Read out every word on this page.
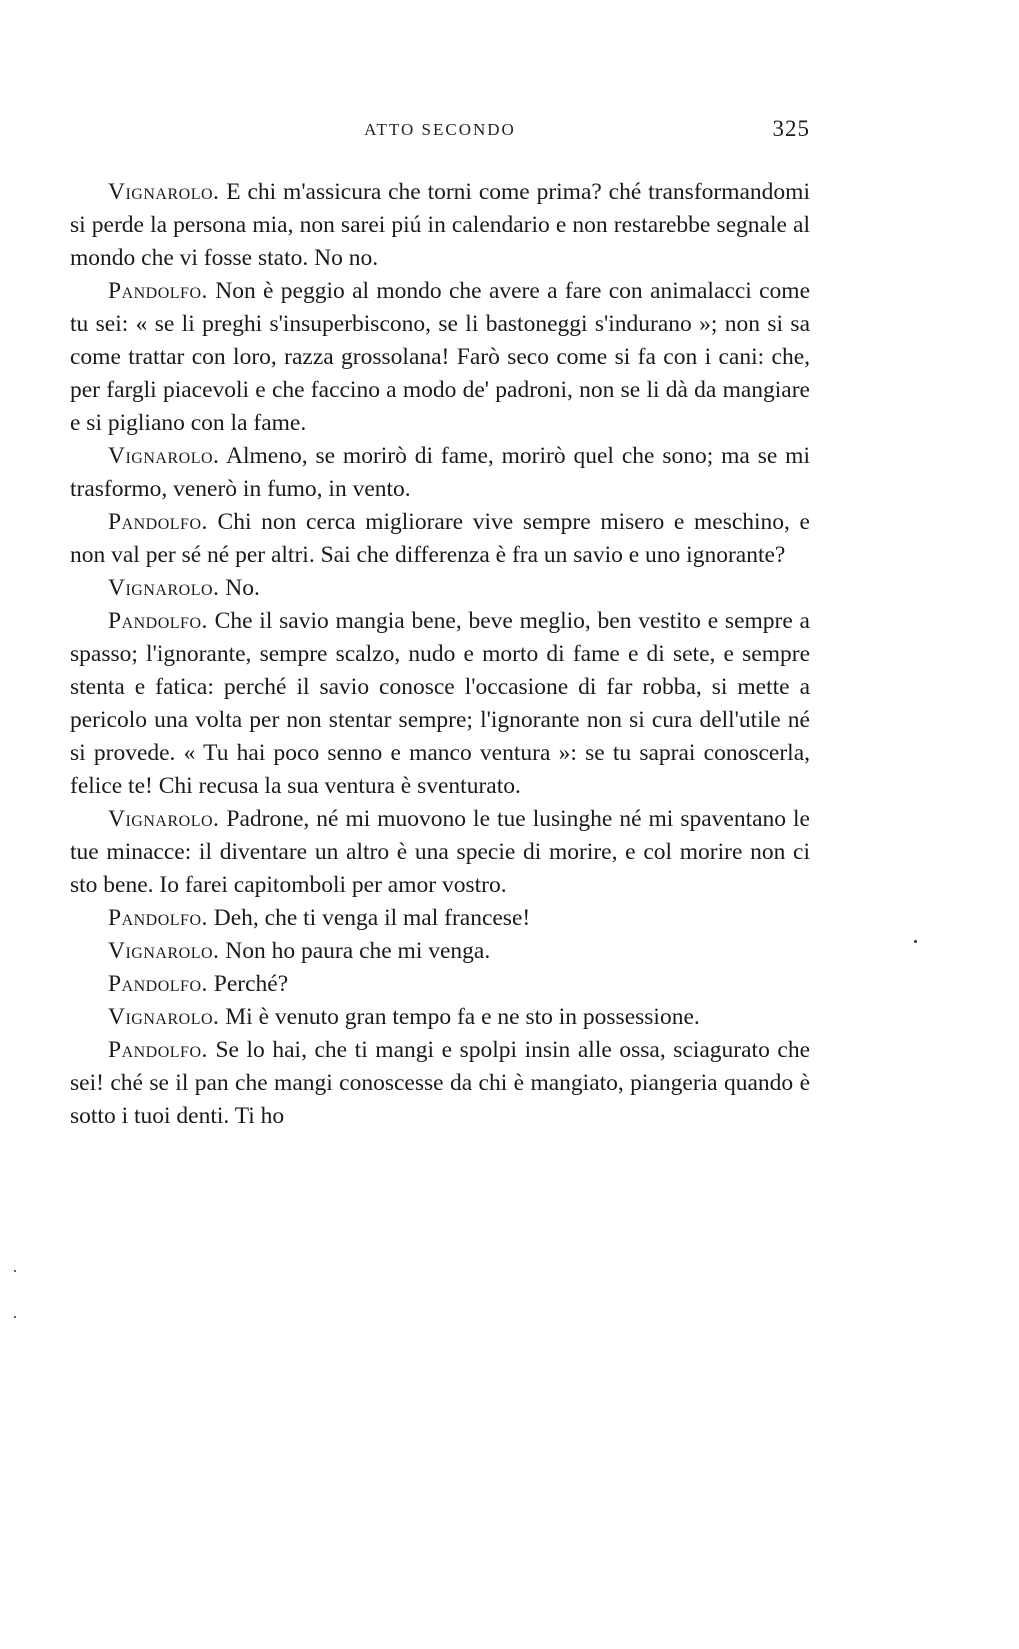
ATTO SECONDO	325

Vignarolo. E chi m'assicura che torni come prima? ché transformandomi si perde la persona mia, non sarei piú in calendario e non restarebbe segnale al mondo che vi fosse stato. No no.

Pandolfo. Non è peggio al mondo che avere a fare con animalacci come tu sei: « se li preghi s'insuperbiscono, se li bastoneggi s'indurano »; non si sa come trattar con loro, razza grossolana! Farò seco come si fa con i cani: che, per fargli piacevoli e che faccino a modo de' padroni, non se li dà da mangiare e si pigliano con la fame.

Vignarolo. Almeno, se morirò di fame, morirò quel che sono; ma se mi trasformo, venerò in fumo, in vento.

Pandolfo. Chi non cerca migliorare vive sempre misero e meschino, e non val per sé né per altri. Sai che differenza è fra un savio e uno ignorante?

Vignarolo. No.

Pandolfo. Che il savio mangia bene, beve meglio, ben vestito e sempre a spasso; l'ignorante, sempre scalzo, nudo e morto di fame e di sete, e sempre stenta e fatica: perché il savio conosce l'occasione di far robba, si mette a pericolo una volta per non stentar sempre; l'ignorante non si cura dell'utile né si provede. « Tu hai poco senno e manco ventura »: se tu saprai conoscerla, felice te! Chi recusa la sua ventura è sventurato.

Vignarolo. Padrone, né mi muovono le tue lusinghe né mi spaventano le tue minacce: il diventare un altro è una specie di morire, e col morire non ci sto bene. Io farei capitomboli per amor vostro.

Pandolfo. Deh, che ti venga il mal francese!

Vignarolo. Non ho paura che mi venga.

Pandolfo. Perché?

Vignarolo. Mi è venuto gran tempo fa e ne sto in possessione.

Pandolfo. Se lo hai, che ti mangi e spolpi insin alle ossa, sciagurato che sei! ché se il pan che mangi conoscesse da chi è mangiato, piangeria quando è sotto i tuoi denti. Ti ho
